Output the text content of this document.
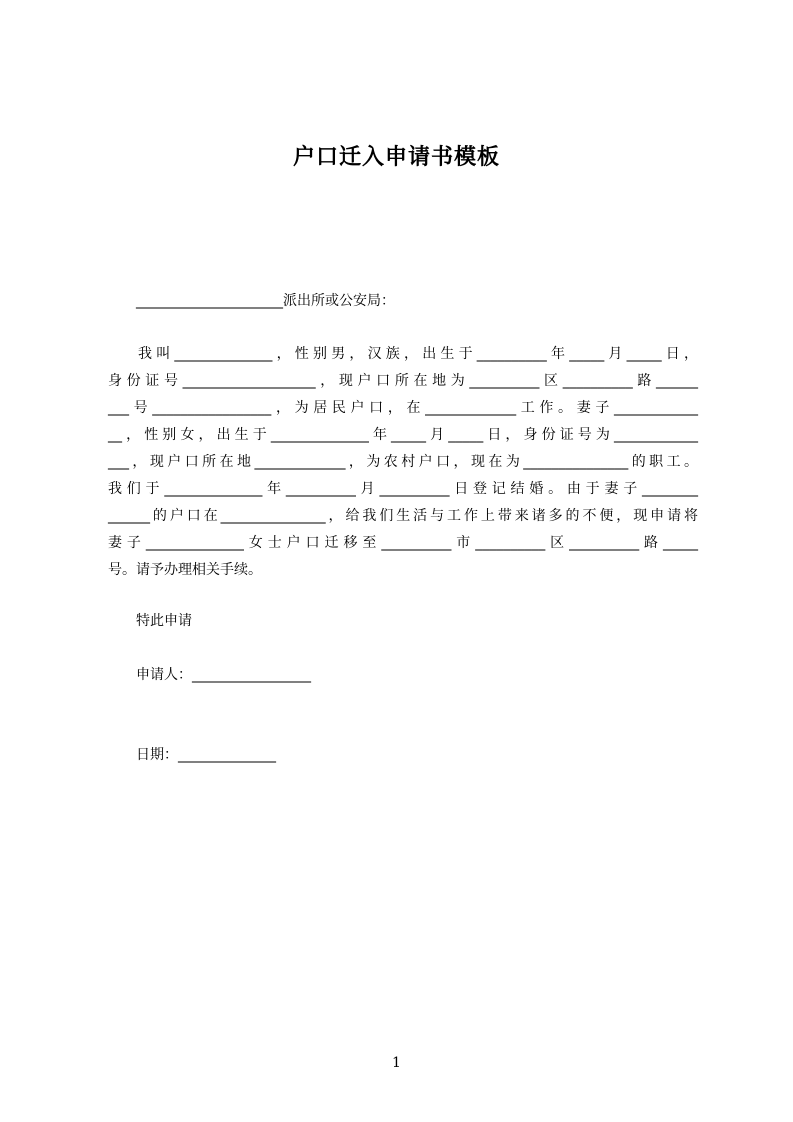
户口迁入申请书模板
_____________________派出所或公安局：
我叫______________，性别男，汉族，出生于__________年_____月_____日，
身份证号___________________，现户口所在地为__________区__________路______
___号_________________，为居民户口，在_____________工作。妻子____________
__，性别女，出生于______________年_____月_____日，身份证号为____________
___，现户口所在地_____________，为农村户口，现在为_______________的职工。
我们于______________年__________月__________日登记结婚。由于妻子________
______的户口在_______________，给我们生活与工作上带来诸多的不便，现申请将
妻子______________女士户口迁移至__________市__________区__________路_____
号。请予办理相关手续。
特此申请
申请人：_________________
日期：______________
1
